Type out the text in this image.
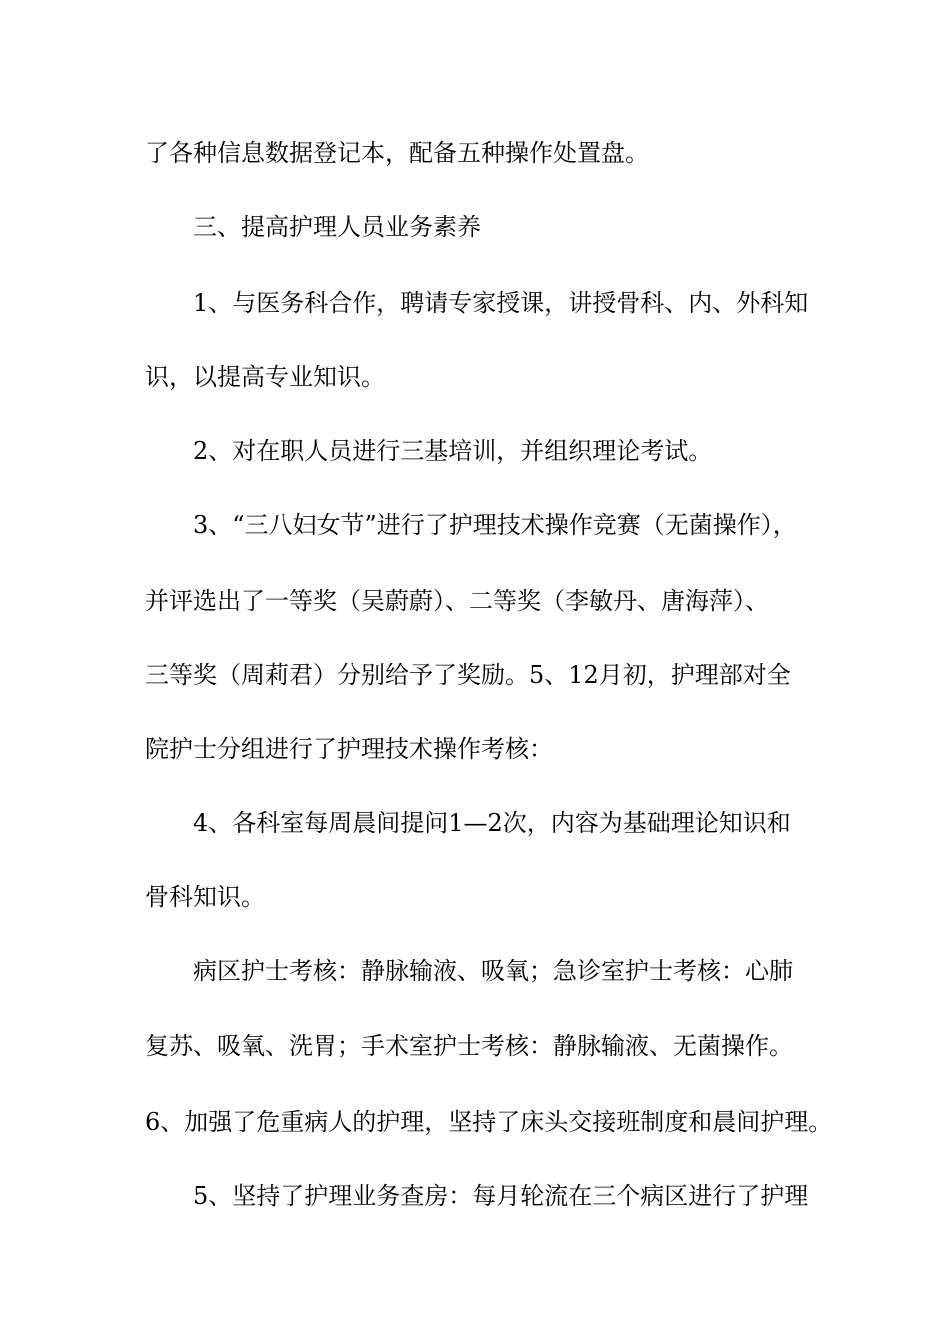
了各种信息数据登记本，配备五种操作处置盘。
三、提高护理人员业务素养
1、与医务科合作，聘请专家授课，讲授骨科、内、外科知
识，以提高专业知识。
2、对在职人员进行三基培训，并组织理论考试。
3、“三八妇女节”进行了护理技术操作竞赛（无菌操作），
并评选出了一等奖（吴蔚蔚）、二等奖（李敏丹、唐海萍）、
三等奖（周莉君）分别给予了奖励。5、12月初，护理部对全
院护士分组进行了护理技术操作考核：
4、各科室每周晨间提问1—2次，内容为基础理论知识和
骨科知识。
病区护士考核：静脉输液、吸氧；急诊室护士考核：心肺
复苏、吸氧、洗胃；手术室护士考核：静脉输液、无菌操作。
6、加强了危重病人的护理，坚持了床头交接班制度和晨间护理。
5、坚持了护理业务查房：每月轮流在三个病区进行了护理
